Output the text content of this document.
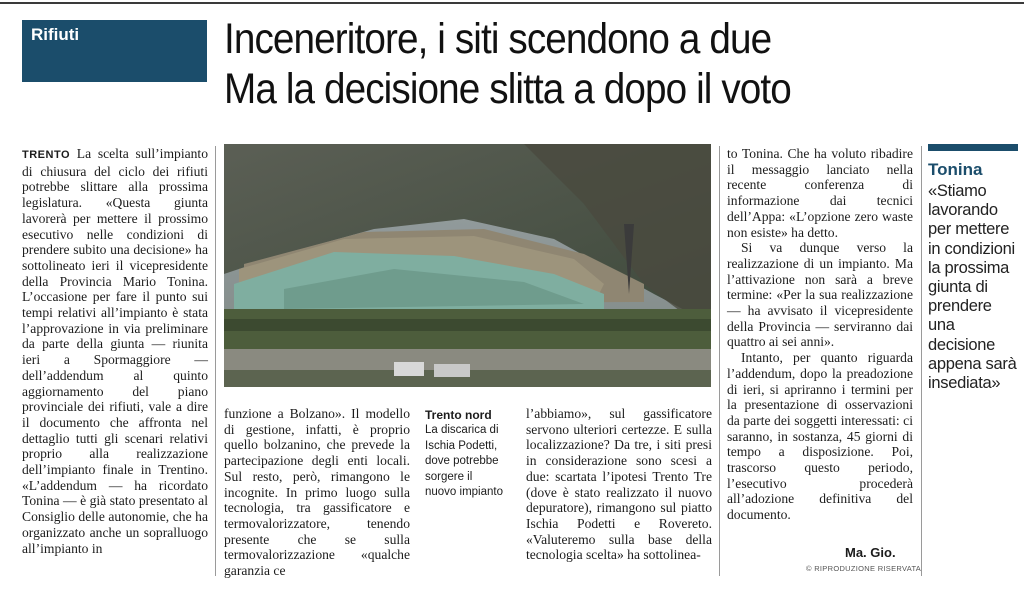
Rifiuti	Inceneritore, i siti scendono a due
Ma la decisione slitta a dopo il voto

TRENTO La scelta sull’impianto di chiusura del ciclo dei rifiuti potrebbe slittare alla prossima legislatura. «Questa giunta lavorerà per mettere il prossimo esecutivo nelle condizioni di prendere subito una decisione» ha sottolineato ieri il vicepresidente della Provincia Mario Tonina. L’occasione per fare il punto sui tempi relativi all’impianto è stata l’approvazione in via preliminare da parte della giunta — riunita ieri a Spormaggiore — dell’addendum al quinto aggiornamento del piano provinciale dei rifiuti, vale a dire il documento che affronta nel dettaglio tutti gli scenari relativi proprio alla realizzazione dell’impianto finale in Trentino. «L’addendum — ha ricordato Tonina — è già stato presentato al Consiglio delle autonomie, che ha organizzato anche un sopralluogo all’impianto in

funzione a Bolzano». Il modello di gestione, infatti, è proprio quello bolzanino, che prevede la partecipazione degli enti locali. Sul resto, però, rimangono le incognite. In primo luogo sulla tecnologia, tra gassificatore e termovalorizzatore, tenendo presente che se sulla termovalorizzazione «qualche garanzia ce

Trento nord
La discarica di Ischia Podetti, dove potrebbe sorgere il nuovo impianto

l’abbiamo», sul gassificatore servono ulteriori certezze. E sulla localizzazione? Da tre, i siti presi in considerazione sono scesi a due: scartata l’ipotesi Trento Tre (dove è stato realizzato il nuovo depuratore), rimangono sul piatto Ischia Podetti e Rovereto. «Valuteremo sulla base della tecnologia scelta» ha sottolinea-

to Tonina. Che ha voluto ribadire il messaggio lanciato nella recente conferenza di informazione dai tecnici dell’Appa: «L’opzione zero waste non esiste» ha detto.

Si va dunque verso la realizzazione di un impianto. Ma l’attivazione non sarà a breve termine: «Per la sua realizzazione — ha avvisato il vicepresidente della Provincia — serviranno dai quattro ai sei anni».

Intanto, per quanto riguarda l’addendum, dopo la preadozione di ieri, si apriranno i termini per la presentazione di osservazioni da parte dei soggetti interessati: ci saranno, in sostanza, 45 giorni di tempo a disposizione. Poi, trascorso questo periodo, l’esecutivo procederà all’adozione definitiva del documento.

Tonina
«Stiamo lavorando per mettere in condizioni la prossima giunta di prendere una decisione appena sarà insediata»
Ma. Gio.
© RIPRODUZIONE RISERVATA
